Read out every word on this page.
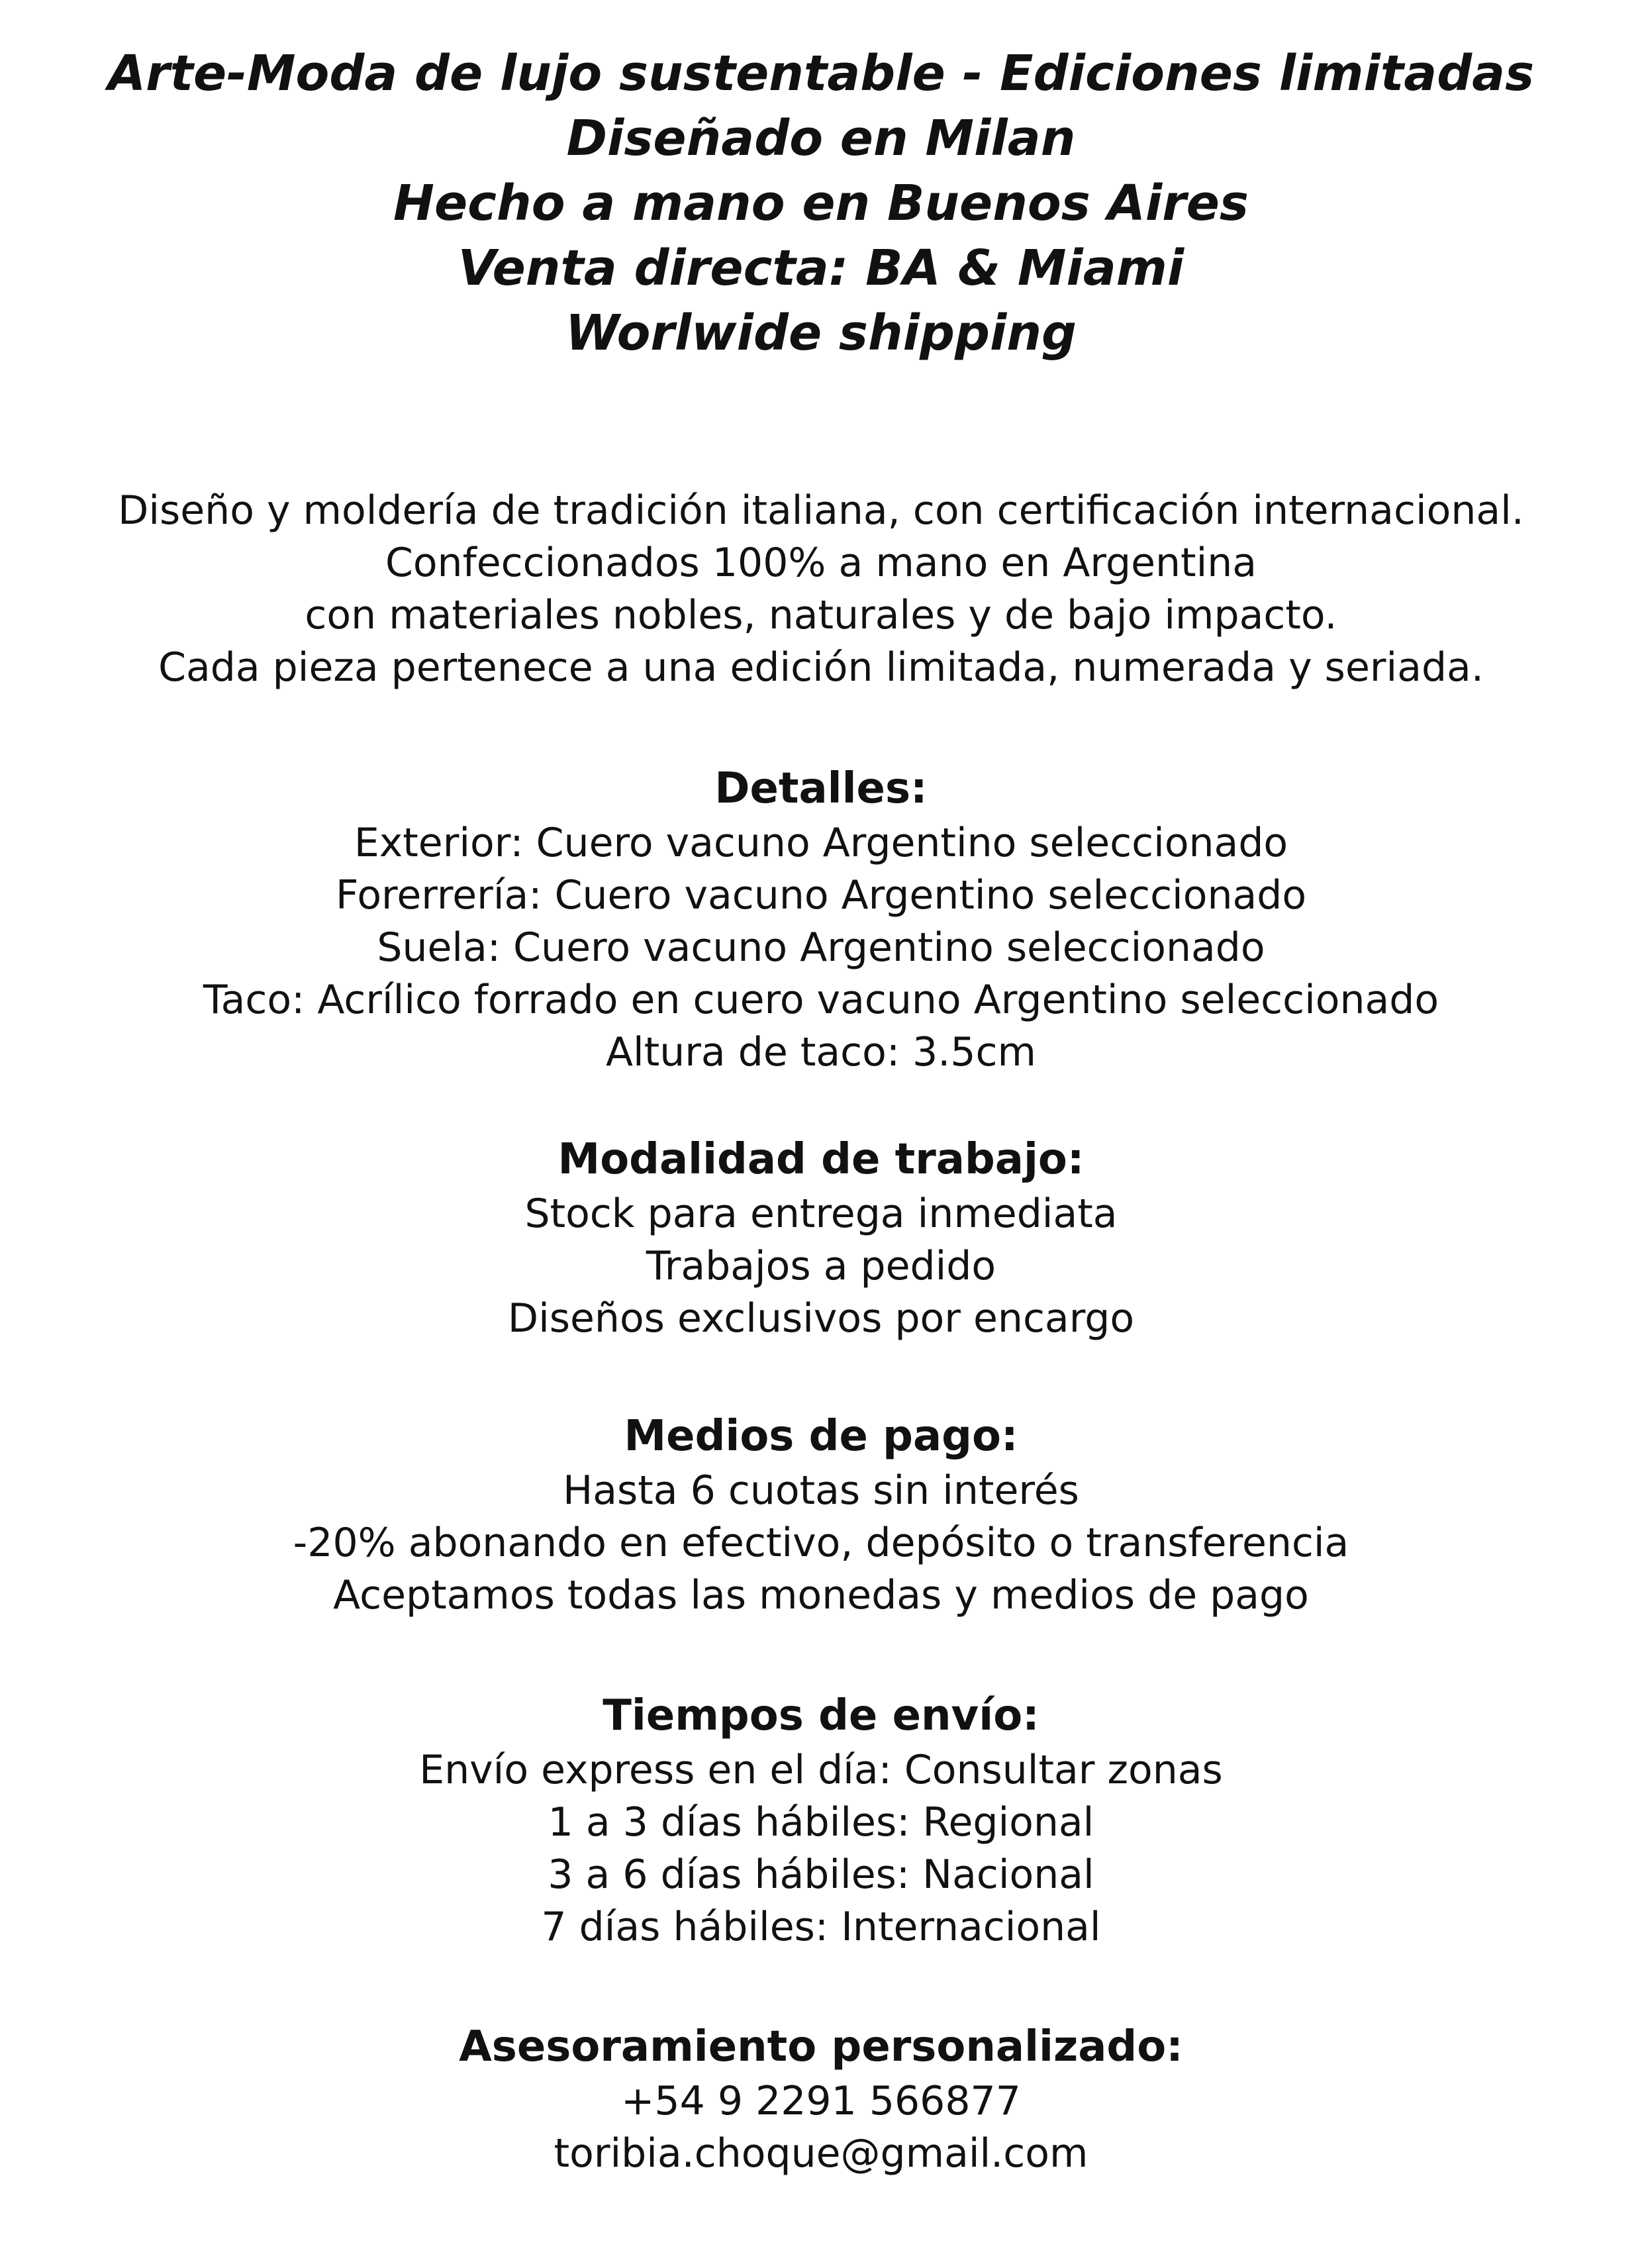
Arte-Moda de lujo sustentable - Ediciones limitadas
Diseñado en Milan
Hecho a mano en Buenos Aires
Venta directa: BA & Miami
Worlwide shipping
Diseño y moldería de tradición italiana, con certificación internacional.
Confeccionados 100% a mano en Argentina
con materiales nobles, naturales y de bajo impacto.
Cada pieza pertenece a una edición limitada, numerada y seriada.
Detalles:
Exterior: Cuero vacuno Argentino seleccionado
Forerrería: Cuero vacuno Argentino seleccionado
Suela: Cuero vacuno Argentino seleccionado
Taco: Acrílico forrado en cuero vacuno Argentino seleccionado
Altura de taco: 3.5cm
Modalidad de trabajo:
Stock para entrega inmediata
Trabajos a pedido
Diseños exclusivos por encargo
Medios de pago:
Hasta 6 cuotas sin interés
-20% abonando en efectivo, depósito o transferencia
Aceptamos todas las monedas y medios de pago
Tiempos de envío:
Envío express en el día: Consultar zonas
1 a 3 días hábiles: Regional
3 a 6 días hábiles: Nacional
7 días hábiles: Internacional
Asesoramiento personalizado:
+54 9 2291 566877
toribia.choque@gmail.com
